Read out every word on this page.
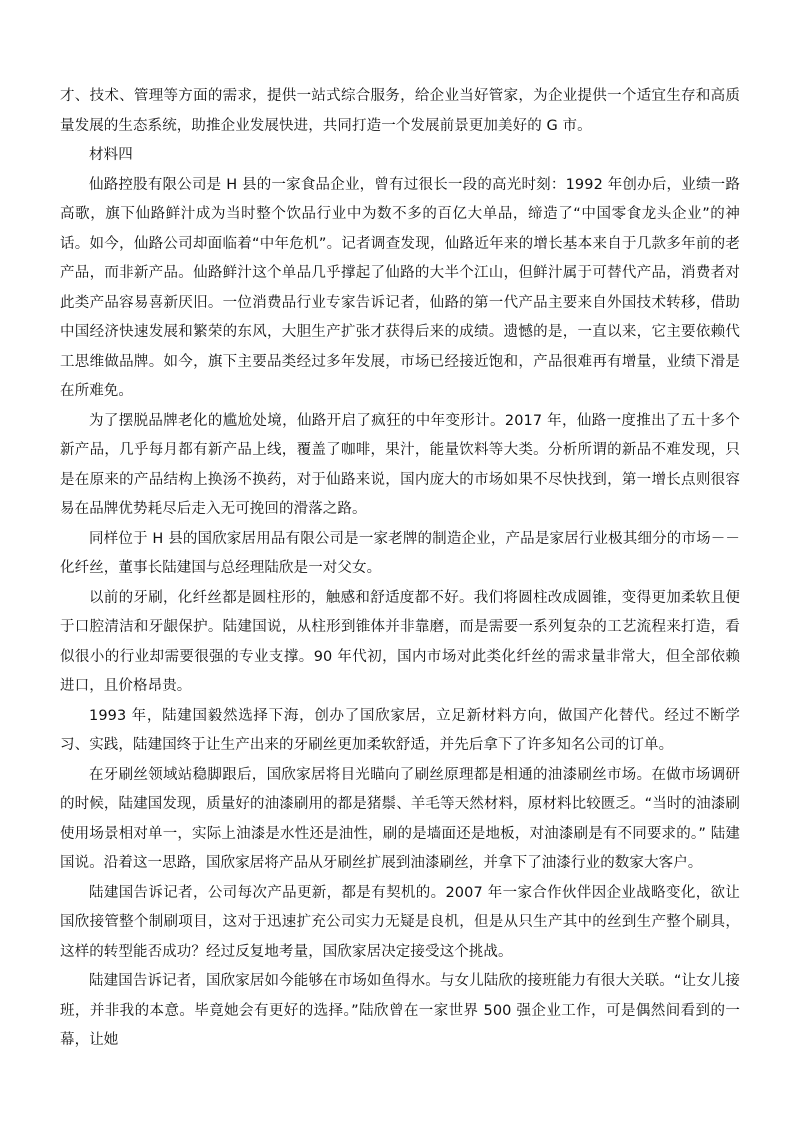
才、技术、管理等方面的需求，提供一站式综合服务，给企业当好管家，为企业提供一个适宜生存和高质量发展的生态系统，助推企业发展快进，共同打造一个发展前景更加美好的 G 市。

材料四

仙路控股有限公司是 H 县的一家食品企业，曾有过很长一段的高光时刻：1992 年创办后，业绩一路高歌，旗下仙路鲜汁成为当时整个饮品行业中为数不多的百亿大单品，缔造了“中国零食龙头企业”的神话。如今，仙路公司却面临着“中年危机”。记者调查发现，仙路近年来的增长基本来自于几款多年前的老产品，而非新产品。仙路鲜汁这个单品几乎撑起了仙路的大半个江山，但鲜汁属于可替代产品，消费者对此类产品容易喜新厌旧。一位消费品行业专家告诉记者，仙路的第一代产品主要来自外国技术转移，借助中国经济快速发展和繁荣的东风，大胆生产扩张才获得后来的成绩。遗憾的是，一直以来，它主要依赖代工思维做品牌。如今，旗下主要品类经过多年发展，市场已经接近饱和，产品很难再有增量，业绩下滑是在所难免。

为了摆脱品牌老化的尴尬处境，仙路开启了疯狂的中年变形计。2017 年，仙路一度推出了五十多个新产品，几乎每月都有新产品上线，覆盖了咖啡，果汁，能量饮料等大类。分析所谓的新品不难发现，只是在原来的产品结构上换汤不换药，对于仙路来说，国内庞大的市场如果不尽快找到，第一增长点则很容易在品牌优势耗尽后走入无可挽回的滑落之路。

同样位于 H 县的国欣家居用品有限公司是一家老牌的制造企业，产品是家居行业极其细分的市场－－化纤丝，董事长陆建国与总经理陆欣是一对父女。

以前的牙刷，化纤丝都是圆柱形的，触感和舒适度都不好。我们将圆柱改成圆锥，变得更加柔软且便于口腔清洁和牙龈保护。陆建国说，从柱形到锥体并非靠磨，而是需要一系列复杂的工艺流程来打造，看似很小的行业却需要很强的专业支撑。90 年代初，国内市场对此类化纤丝的需求量非常大，但全部依赖进口，且价格昂贵。

1993 年，陆建国毅然选择下海，创办了国欣家居，立足新材料方向，做国产化替代。经过不断学习、实践，陆建国终于让生产出来的牙刷丝更加柔软舒适，并先后拿下了许多知名公司的订单。

在牙刷丝领域站稳脚跟后，国欣家居将目光瞄向了刷丝原理都是相通的油漆刷丝市场。在做市场调研的时候，陆建国发现，质量好的油漆刷用的都是猪鬃、羊毛等天然材料，原材料比较匮乏。“当时的油漆刷使用场景相对单一，实际上油漆是水性还是油性，刷的是墙面还是地板，对油漆刷是有不同要求的。” 陆建国说。沿着这一思路，国欣家居将产品从牙刷丝扩展到油漆刷丝，并拿下了油漆行业的数家大客户。

陆建国告诉记者，公司每次产品更新，都是有契机的。2007 年一家合作伙伴因企业战略变化，欲让国欣接管整个制刷项目，这对于迅速扩充公司实力无疑是良机，但是从只生产其中的丝到生产整个刷具，这样的转型能否成功？经过反复地考量，国欣家居决定接受这个挑战。

陆建国告诉记者，国欣家居如今能够在市场如鱼得水。与女儿陆欣的接班能力有很大关联。“让女儿接班，并非我的本意。毕竟她会有更好的选择。”陆欣曾在一家世界 500 强企业工作，可是偶然间看到的一幕，让她
